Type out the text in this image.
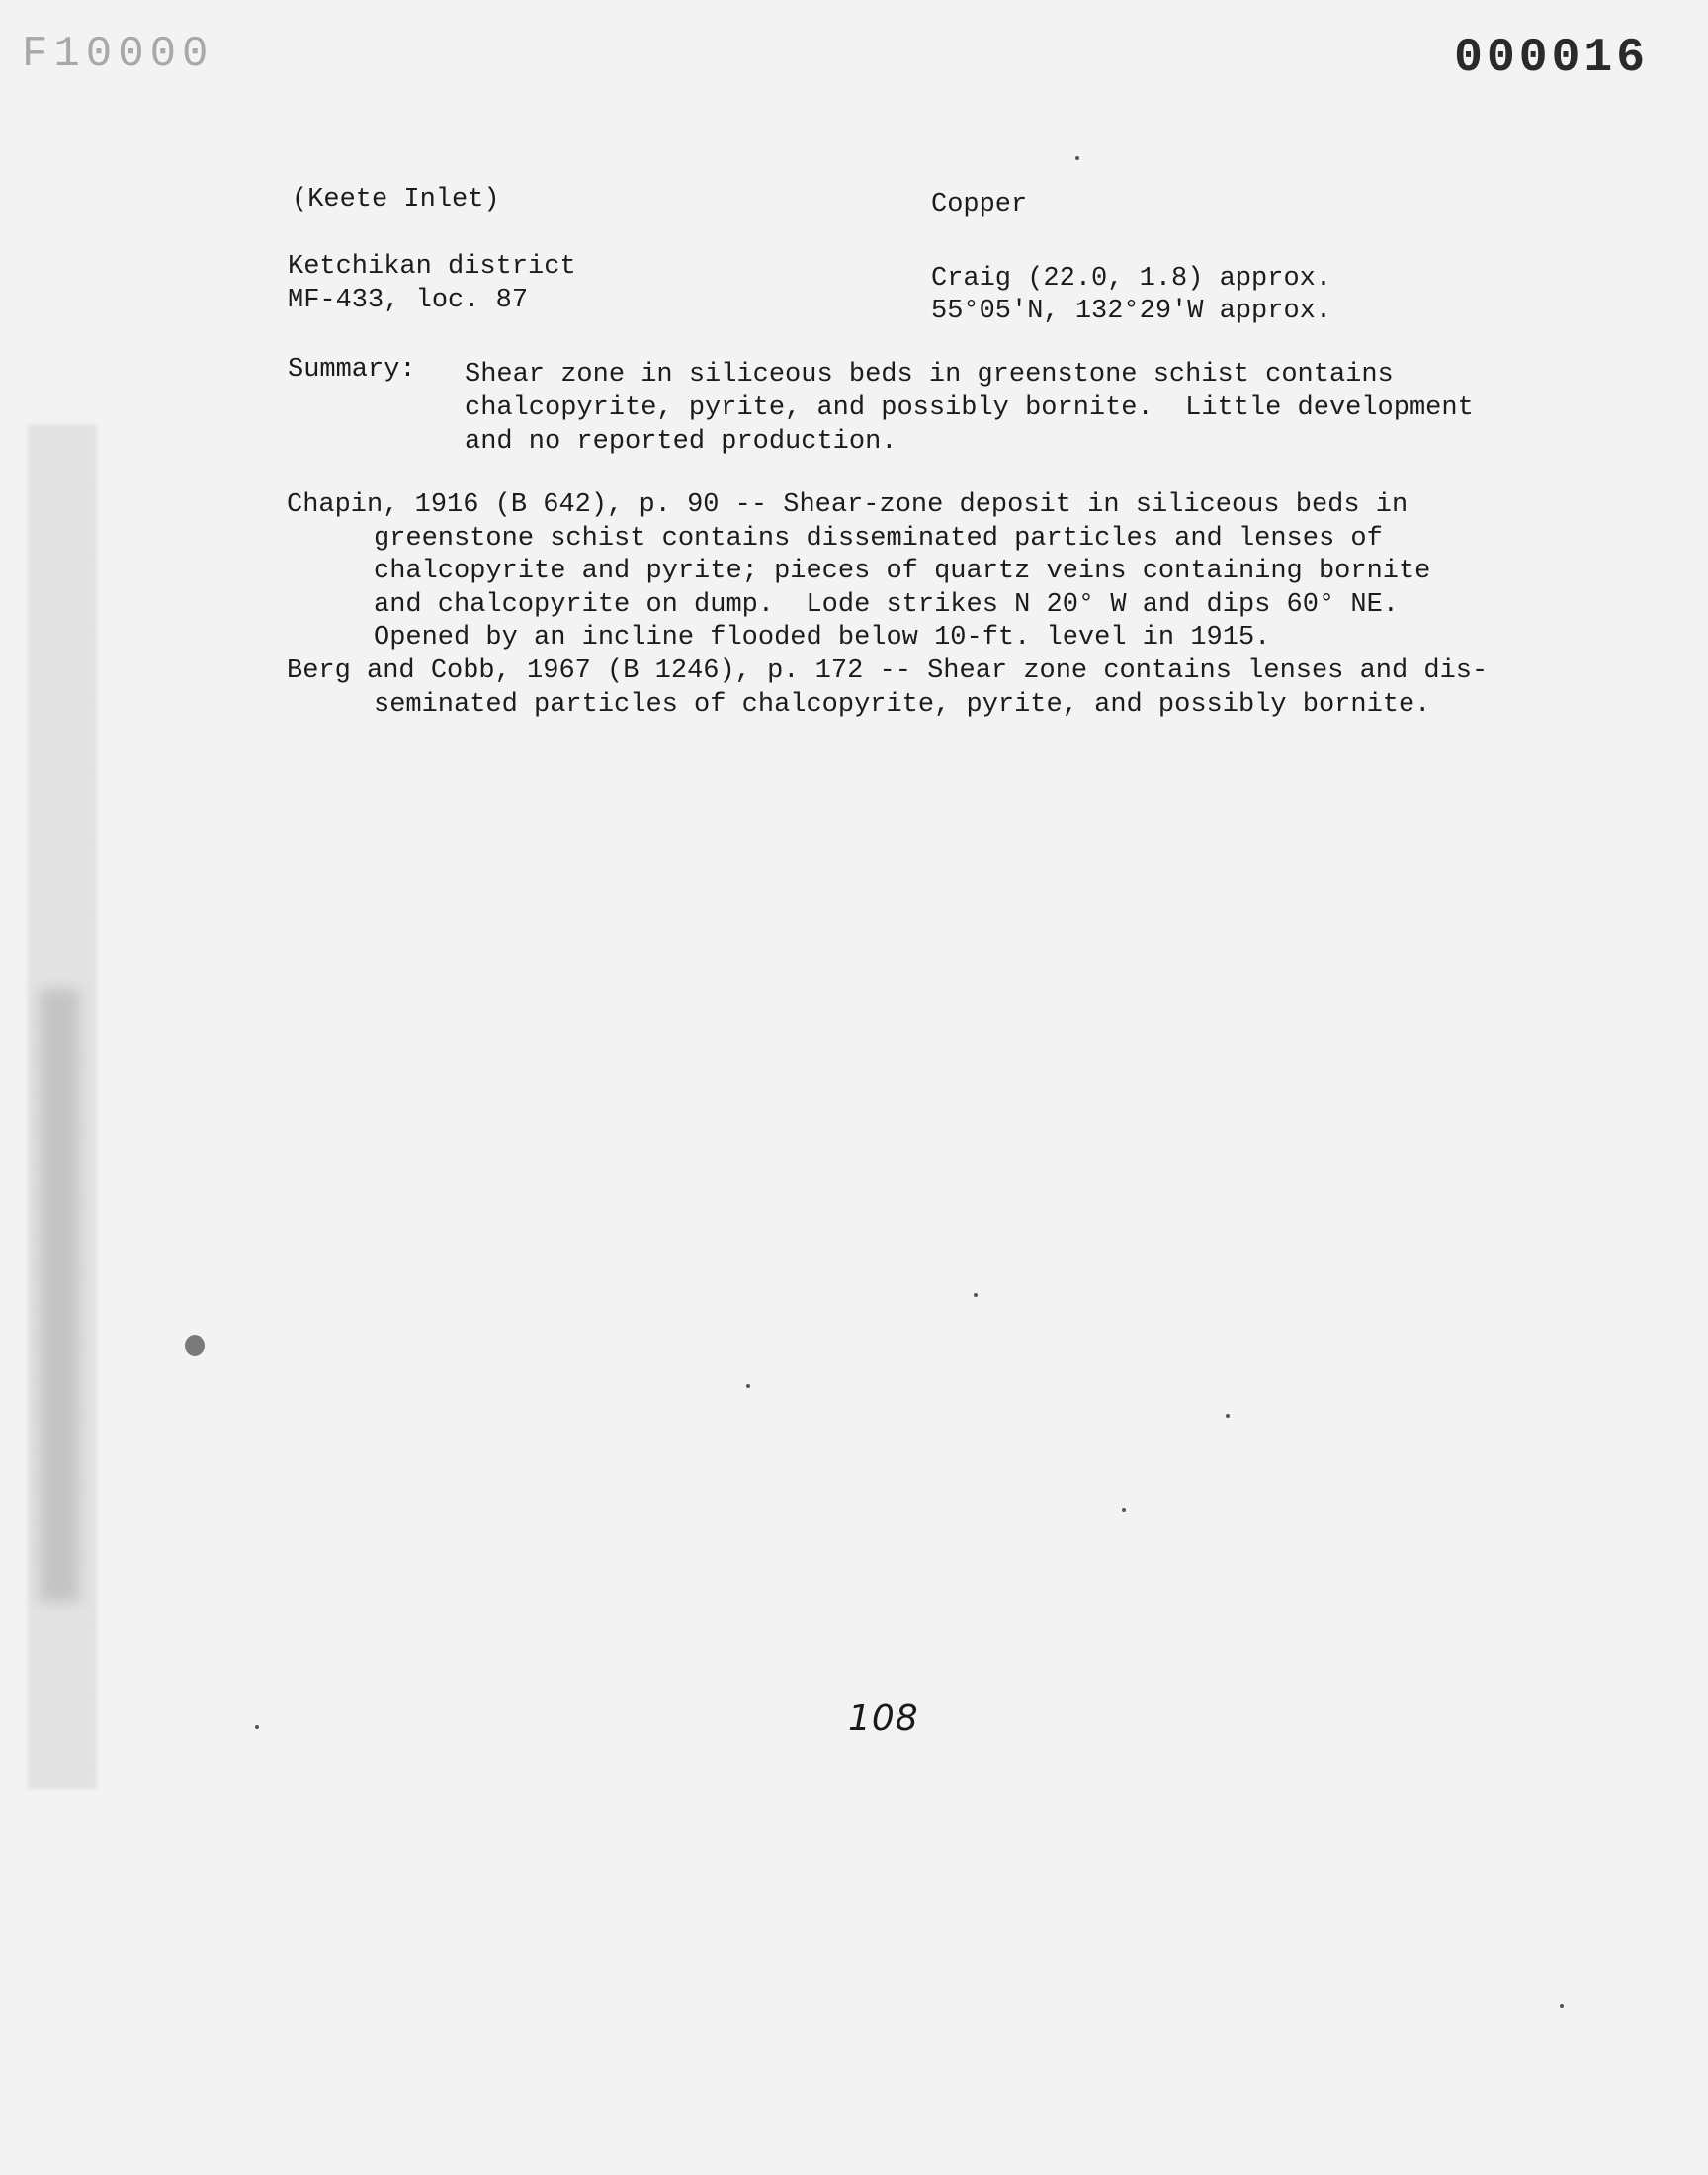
F10000	000016
(Keete Inlet)	Copper
Ketchikan district
MF-433, loc. 87
Craig (22.0, 1.8) approx.
55°05'N, 132°29'W approx.
Summary: Shear zone in siliceous beds in greenstone schist contains
chalcopyrite, pyrite, and possibly bornite.  Little development
and no reported production.
Chapin, 1916 (B 642), p. 90 -- Shear-zone deposit in siliceous beds in
greenstone schist contains disseminated particles and lenses of
chalcopyrite and pyrite; pieces of quartz veins containing bornite
and chalcopyrite on dump.  Lode strikes N 20° W and dips 60° NE.
Opened by an incline flooded below 10-ft. level in 1915.
Berg and Cobb, 1967 (B 1246), p. 172 -- Shear zone contains lenses and dis-
seminated particles of chalcopyrite, pyrite, and possibly bornite.
108
